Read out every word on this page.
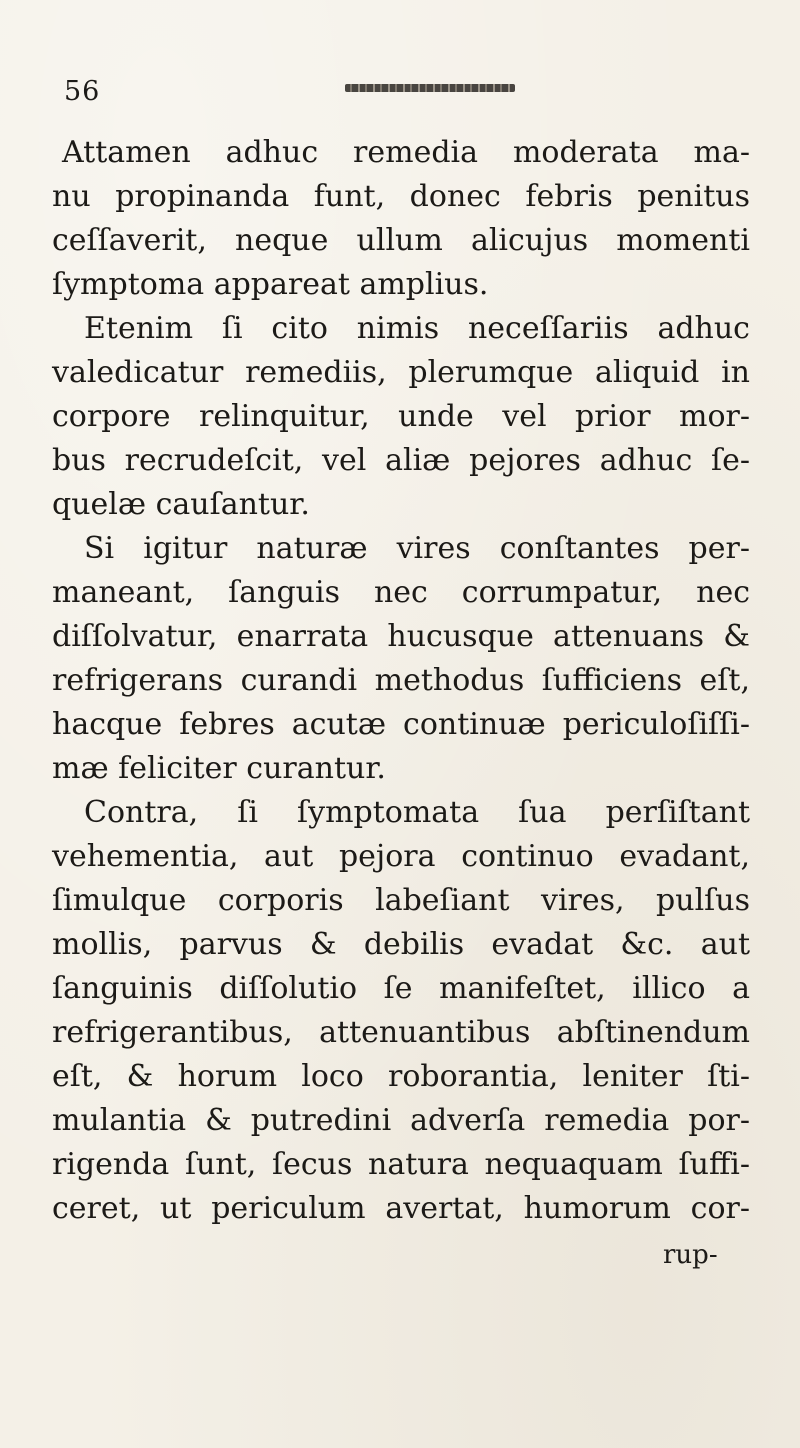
56
Attamen adhuc remedia moderata ma-
nu propinanda funt, donec febris penitus
ceſſaverit, neque ullum alicujus momenti
ſymptoma appareat amplius.
Etenim ſi cito nimis neceſſariis adhuc
valedicatur remediis, plerumque aliquid in
corpore relinquitur, unde vel prior mor-
bus recrudeſcit, vel aliæ pejores adhuc ſe-
quelæ cauſantur.
Si igitur naturæ vires conſtantes per-
maneant, ſanguis nec corrumpatur, nec
diſſolvatur, enarrata hucusque attenuans &
refrigerans curandi methodus ſufficiens eſt,
hacque febres acutæ continuæ periculoſiſſi-
mæ feliciter curantur.
Contra, ſi ſymptomata ſua perſiſtant
vehementia, aut pejora continuo evadant,
ſimulque corporis labeſiant vires, pulſus
mollis, parvus & debilis evadat &c. aut
ſanguinis diſſolutio ſe manifeſtet, illico a
refrigerantibus, attenuantibus abſtinendum
eſt, & horum loco roborantia, leniter ſti-
mulantia & putredini adverſa remedia por-
rigenda ſunt, ſecus natura nequaquam ſuffi-
ceret, ut periculum avertat, humorum cor-
rup-
